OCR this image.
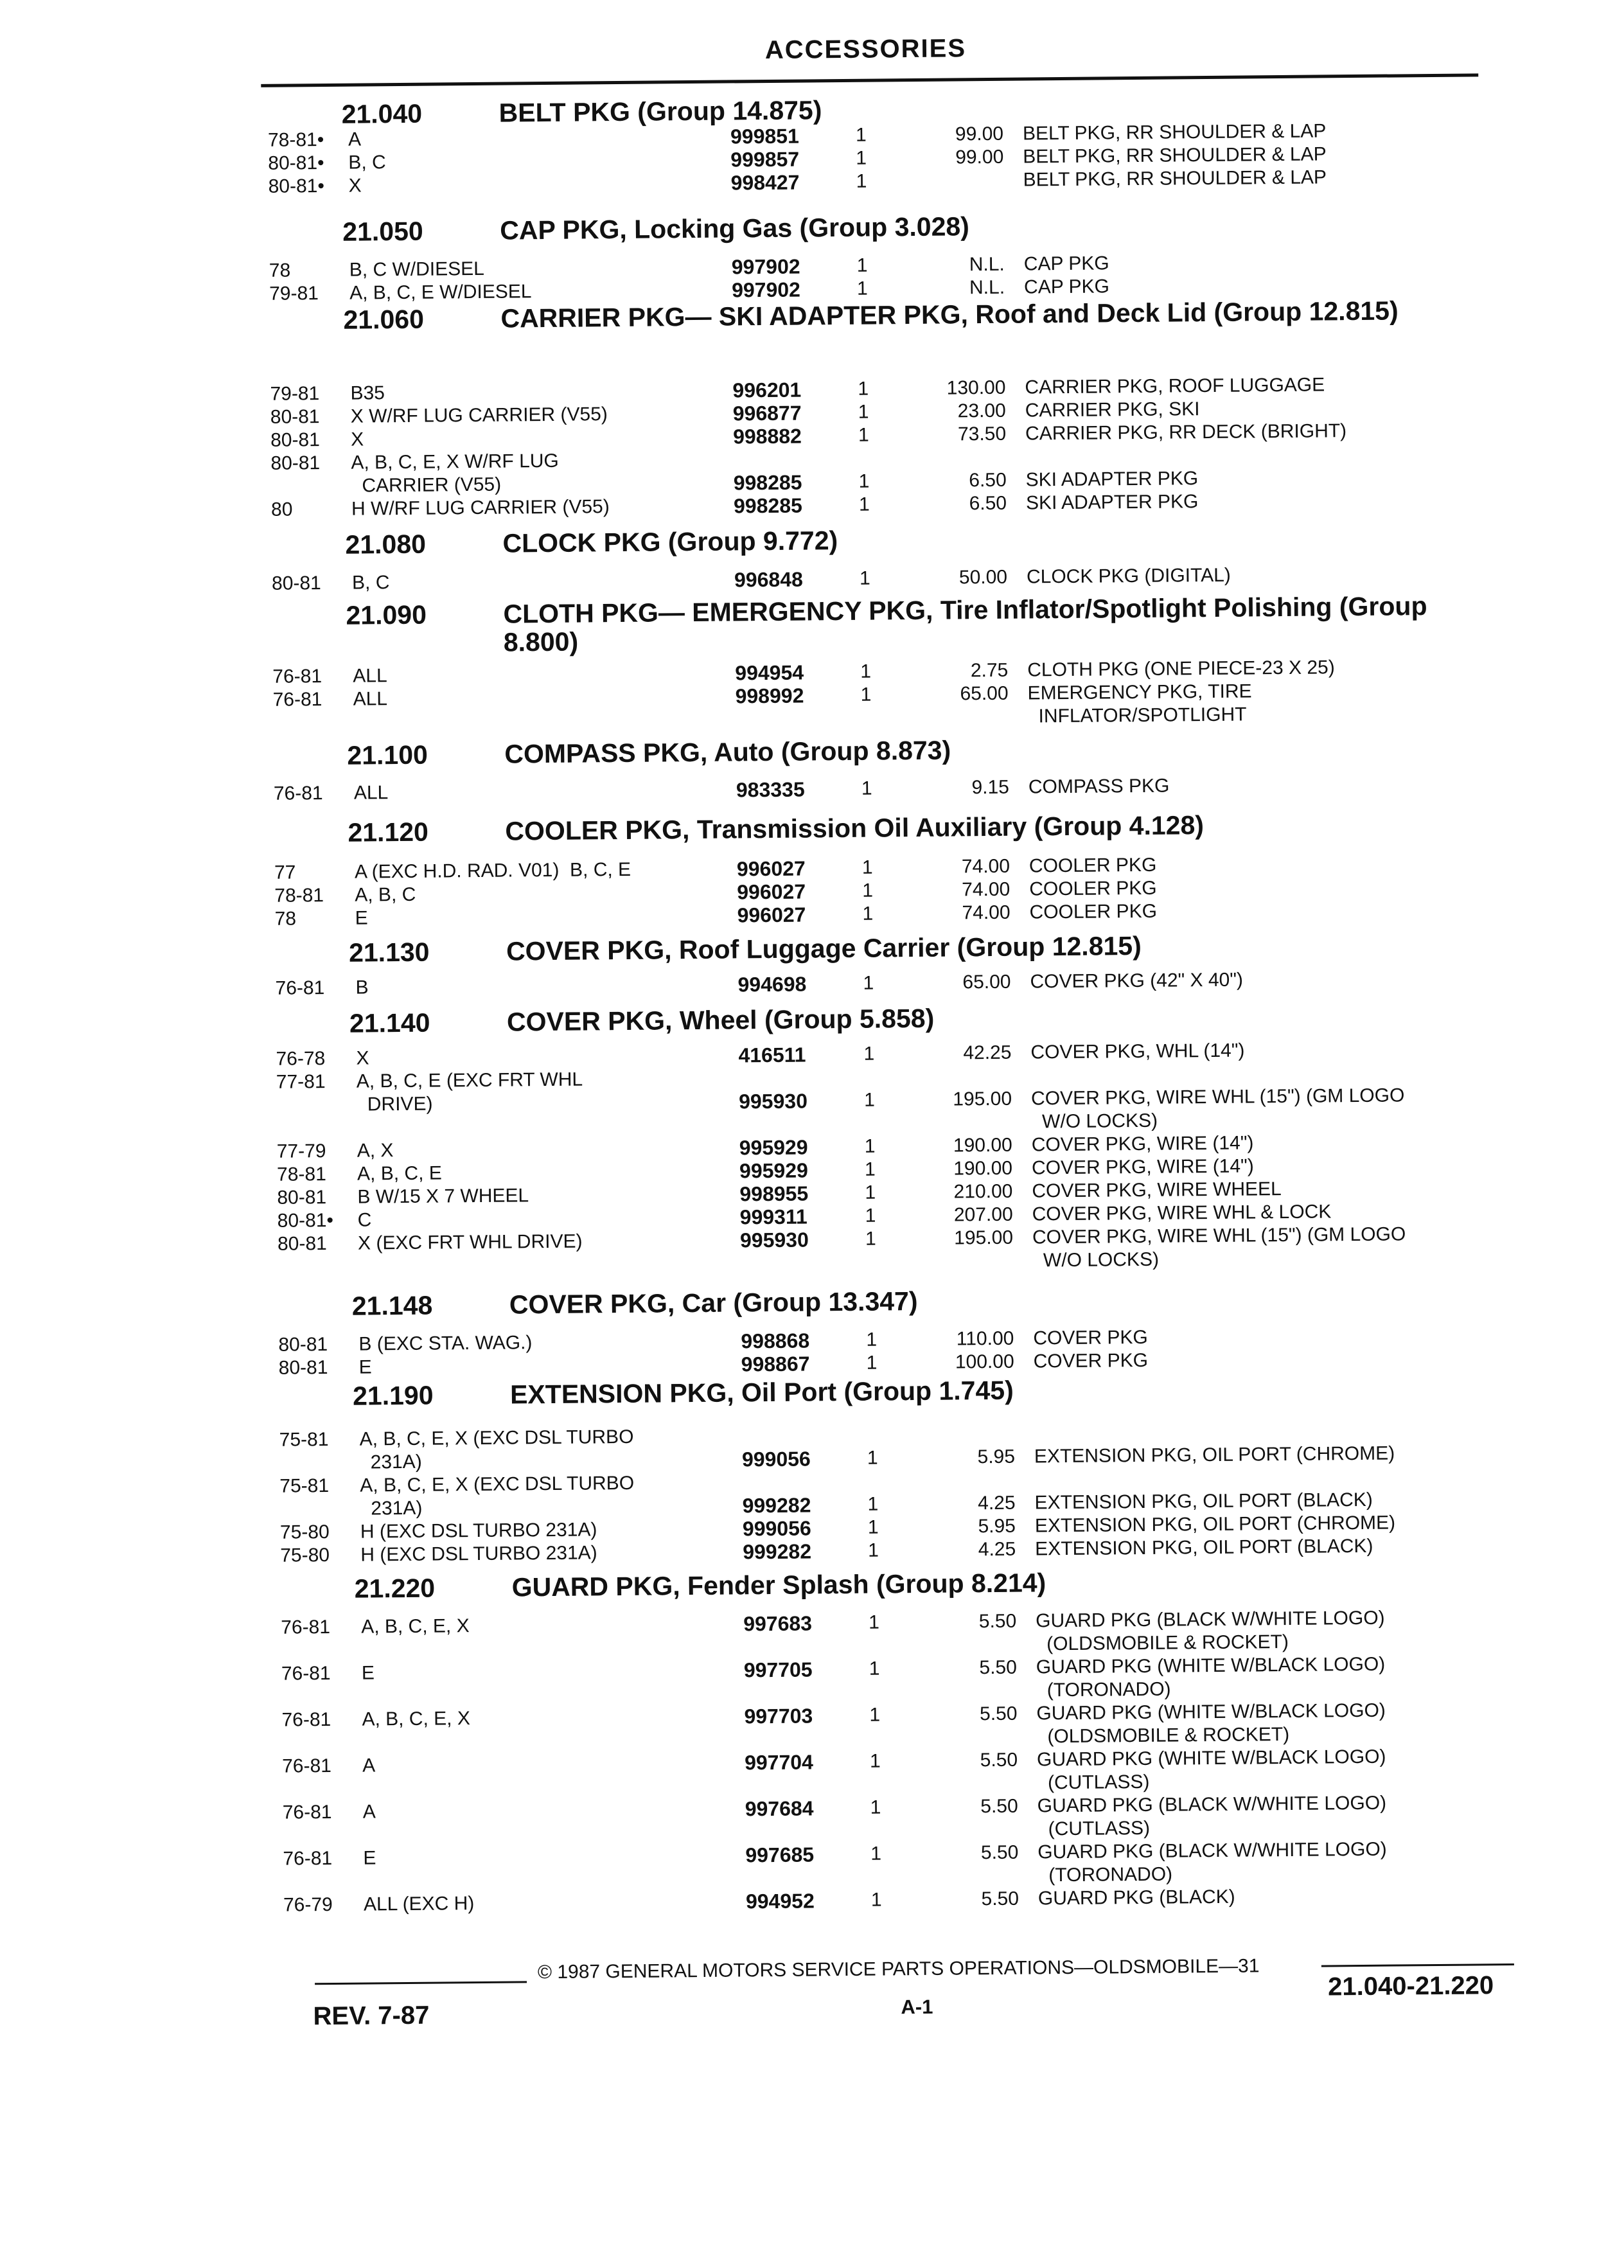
ACCESSORIES
21.040	BELT PKG (Group 14.875)
78-81• A	999851	1	99.00 BELT PKG, RR SHOULDER & LAP
80-81• B, C	999857	1	99.00 BELT PKG, RR SHOULDER & LAP
80-81• X	998427	1	BELT PKG, RR SHOULDER & LAP
21.050	CAP PKG, Locking Gas (Group 3.028)
78	B, C W/DIESEL	997902	1	N.L. CAP PKG
79-81 A, B, C, E W/DIESEL	997902	1	N.L. CAP PKG
21.060	CARRIER PKG— SKI ADAPTER PKG, Roof and Deck Lid (Group 12.815)
79-81 B35	996201	1	130.00 CARRIER PKG, ROOF LUGGAGE
80-81 X W/RF LUG CARRIER (V55)	996877	1	23.00 CARRIER PKG, SKI
80-81 X	998882	1	73.50 CARRIER PKG, RR DECK (BRIGHT)
80-81 A, B, C, E, X W/RF LUG
CARRIER (V55)	998285	1	6.50 SKI ADAPTER PKG
80	H W/RF LUG CARRIER (V55)	998285	1	6.50 SKI ADAPTER PKG
21.080	CLOCK PKG (Group 9.772)
80-81 B, C	996848	1	50.00 CLOCK PKG (DIGITAL)
21.090	CLOTH PKG— EMERGENCY PKG, Tire Inflator/Spotlight Polishing (Group 8.800)
76-81 ALL	994954	1	2.75 CLOTH PKG (ONE PIECE-23 X 25)
76-81 ALL	998992	1	65.00 EMERGENCY PKG, TIRE
INFLATOR/SPOTLIGHT
21.100	COMPASS PKG, Auto (Group 8.873)
76-81 ALL	983335	1	9.15 COMPASS PKG
21.120	COOLER PKG, Transmission Oil Auxiliary (Group 4.128)
77	A (EXC H.D. RAD. V01)  B, C, E	996027	1	74.00 COOLER PKG
78-81 A, B, C	996027	1	74.00 COOLER PKG
78	E	996027	1	74.00 COOLER PKG
21.130	COVER PKG, Roof Luggage Carrier (Group 12.815)
76-81 B	994698	1	65.00 COVER PKG (42" X 40")
21.140	COVER PKG, Wheel (Group 5.858)
76-78 X	416511	1	42.25 COVER PKG, WHL (14")
77-81 A, B, C, E (EXC FRT WHL
DRIVE)	995930	1	195.00 COVER PKG, WIRE WHL (15") (GM LOGO
W/O LOCKS)
77-79 A, X	995929	1	190.00 COVER PKG, WIRE (14")
78-81 A, B, C, E	995929	1	190.00 COVER PKG, WIRE (14")
80-81 B W/15 X 7 WHEEL	998955	1	210.00 COVER PKG, WIRE WHEEL
80-81• C	999311	1	207.00 COVER PKG, WIRE WHL & LOCK
80-81 X (EXC FRT WHL DRIVE)	995930	1	195.00 COVER PKG, WIRE WHL (15") (GM LOGO
W/O LOCKS)
21.148	COVER PKG, Car (Group 13.347)
80-81 B (EXC STA. WAG.)	998868	1	110.00 COVER PKG
80-81 E	998867	1	100.00 COVER PKG
21.190	EXTENSION PKG, Oil Port (Group 1.745)
75-81 A, B, C, E, X (EXC DSL TURBO
231A)	999056	1	5.95 EXTENSION PKG, OIL PORT (CHROME)
75-81 A, B, C, E, X (EXC DSL TURBO
231A)	999282	1	4.25 EXTENSION PKG, OIL PORT (BLACK)
75-80 H (EXC DSL TURBO 231A)	999056	1	5.95 EXTENSION PKG, OIL PORT (CHROME)
75-80 H (EXC DSL TURBO 231A)	999282	1	4.25 EXTENSION PKG, OIL PORT (BLACK)
21.220	GUARD PKG, Fender Splash (Group 8.214)
76-81 A, B, C, E, X	997683	1	5.50 GUARD PKG (BLACK W/WHITE LOGO)
(OLDSMOBILE & ROCKET)
76-81 E	997705	1	5.50 GUARD PKG (WHITE W/BLACK LOGO)
(TORONADO)
76-81 A, B, C, E, X	997703	1	5.50 GUARD PKG (WHITE W/BLACK LOGO)
(OLDSMOBILE & ROCKET)
76-81 A	997704	1	5.50 GUARD PKG (WHITE W/BLACK LOGO)
(CUTLASS)
76-81 A	997684	1	5.50 GUARD PKG (BLACK W/WHITE LOGO)
(CUTLASS)
76-81 E	997685	1	5.50 GUARD PKG (BLACK W/WHITE LOGO)
(TORONADO)
76-79 ALL (EXC H)	994952	1	5.50 GUARD PKG (BLACK)
© 1987 GENERAL MOTORS SERVICE PARTS OPERATIONS—OLDSMOBILE—31
REV. 7-87	A-1
21.040-21.220
